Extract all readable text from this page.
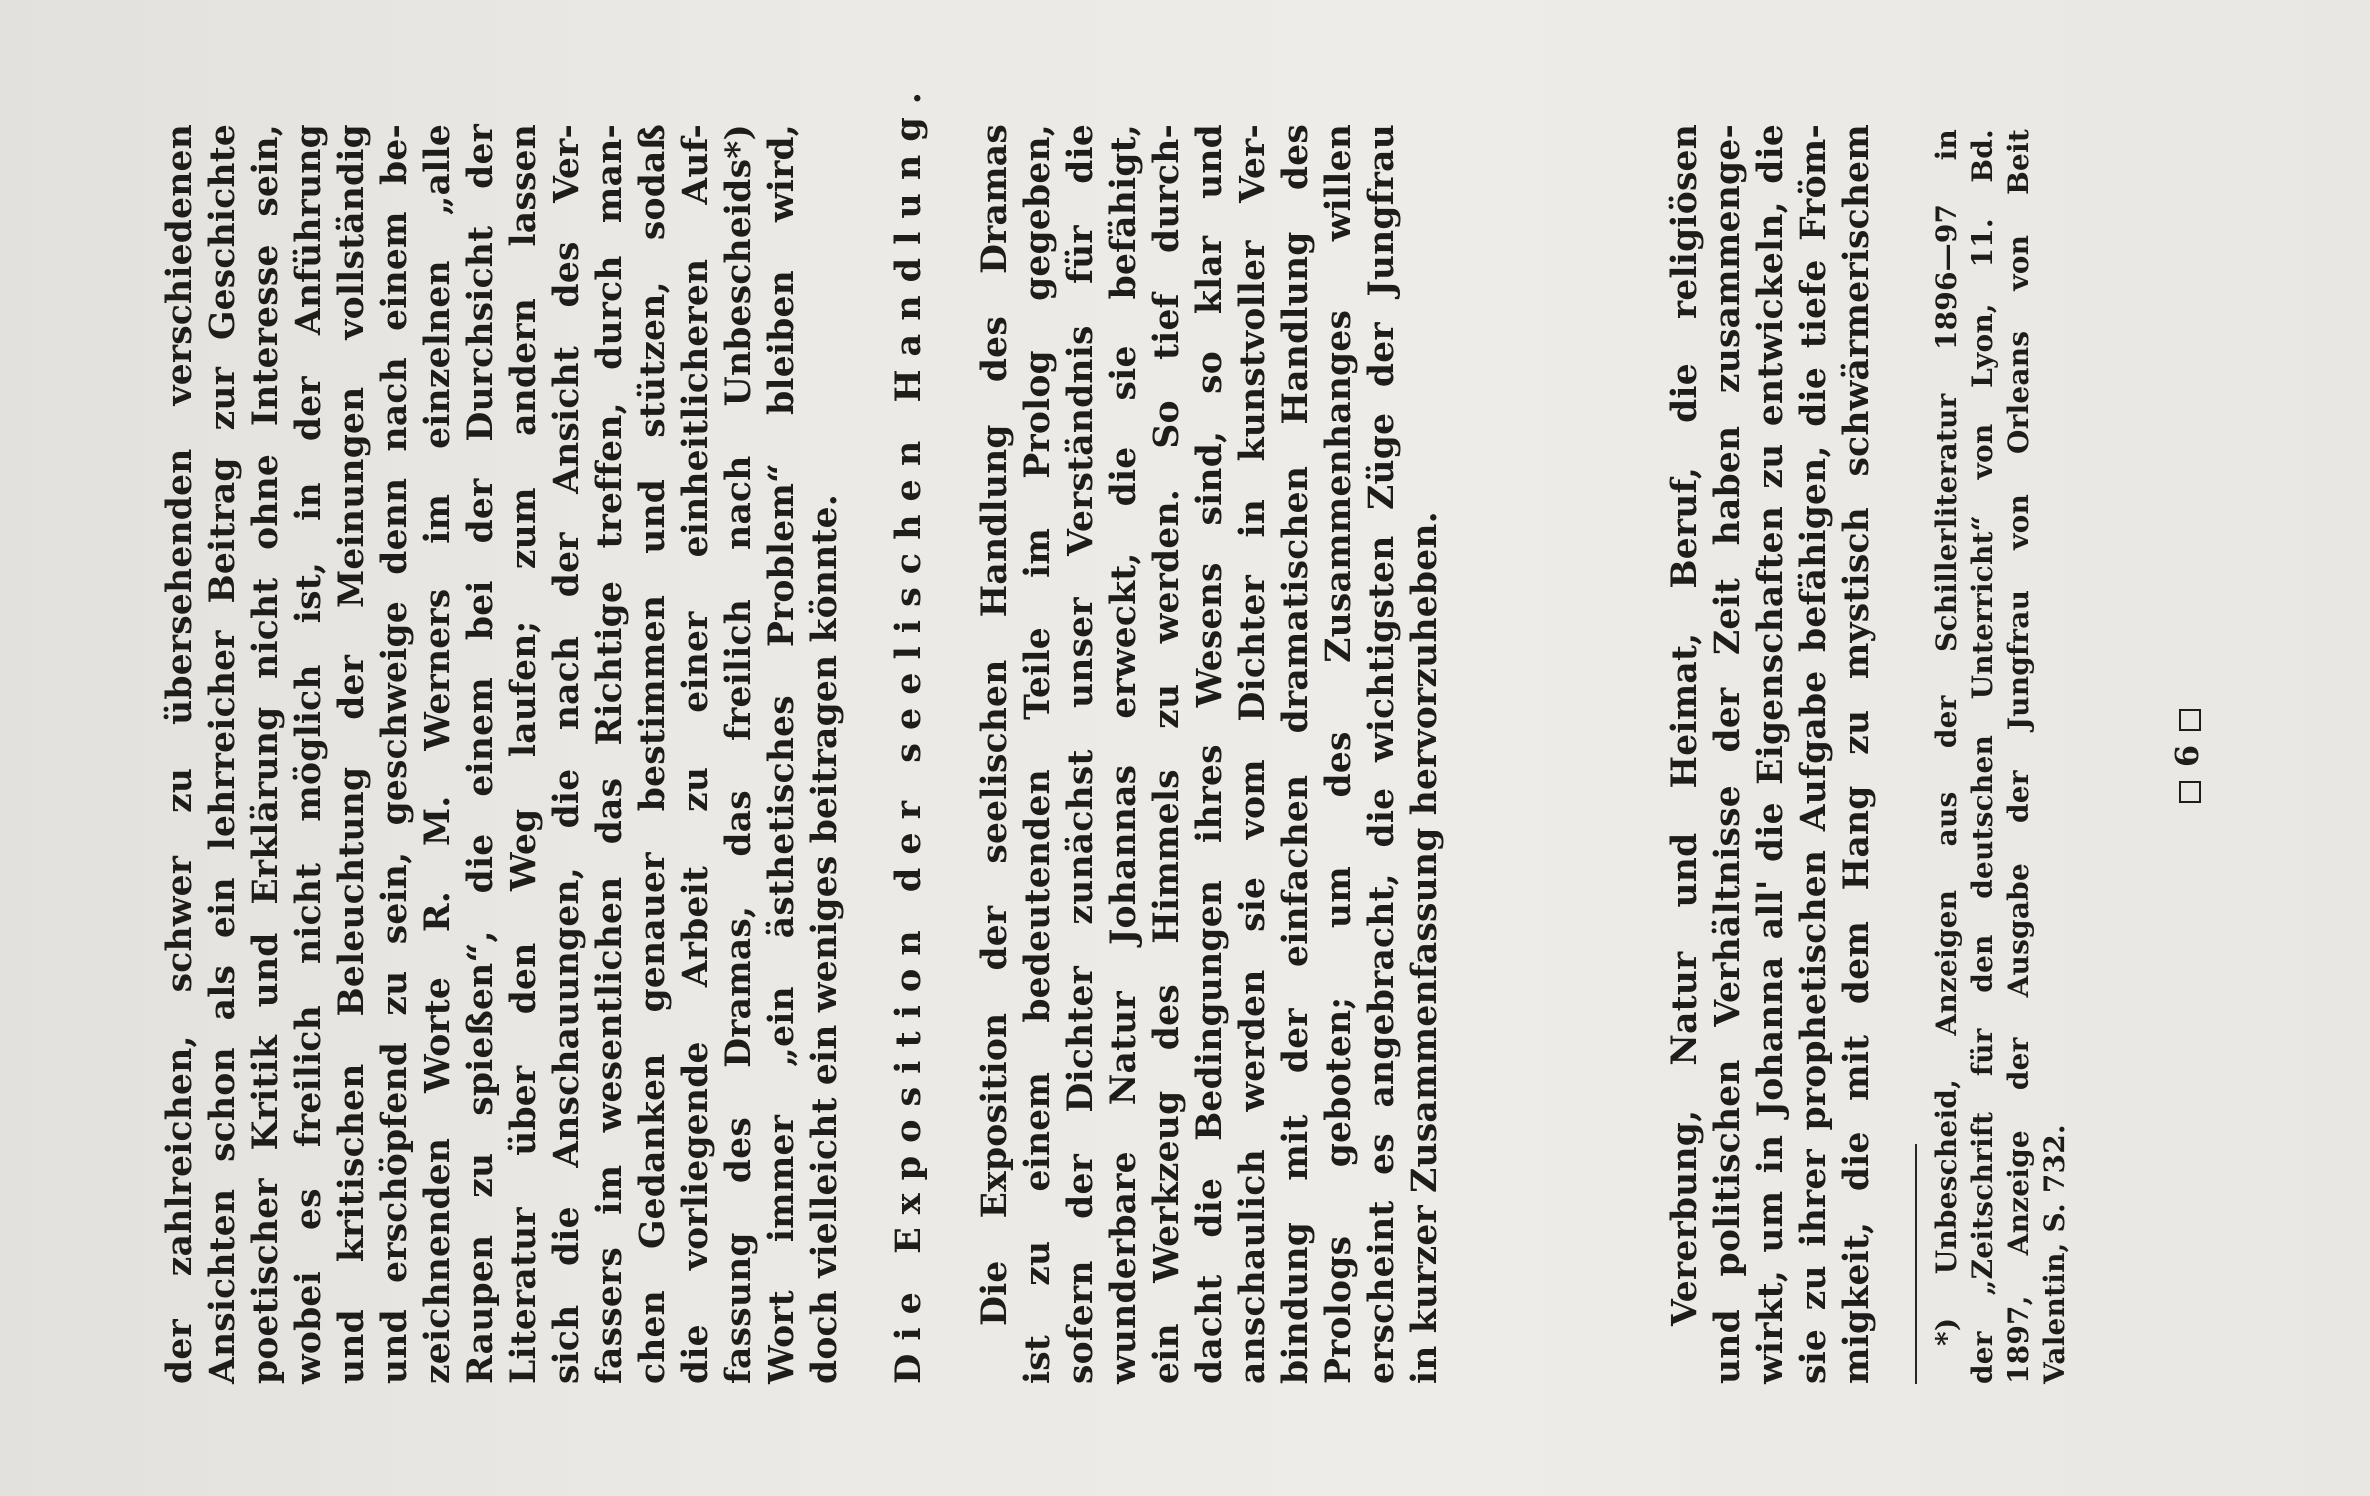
der zahlreichen, schwer zu übersehenden verschiedenen Ansichten schon als ein lehrreicher Beitrag zur Geschichte poetischer Kritik und Erklärung nicht ohne Interesse sein, wobei es freilich nicht möglich ist, in der Anführung und kritischen Beleuchtung der Meinungen vollständig und erschöpfend zu sein, geschweige denn nach einem be- zeichnenden Worte R. M. Werners im einzelnen „alle Raupen zu spießen“, die einem bei der Durchsicht der Literatur über den Weg laufen; zum andern lassen sich die Anschauungen, die nach der Ansicht des Ver- fassers im wesentlichen das Richtige treffen, durch man- chen Gedanken genauer bestimmen und stützen, sodaß die vorliegende Arbeit zu einer einheitlicheren Auf- fassung des Dramas, das freilich nach Unbescheids*) Wort immer „ein ästhetisches Problem“ bleiben wird, doch vielleicht ein weniges beitragen könnte. Die Exposition der seelischen Handlung. Die Exposition der seelischen Handlung des Dramas ist zu einem bedeutenden Teile im Prolog gegeben, sofern der Dichter zunächst unser Verständnis für die wunderbare Natur Johannas erweckt, die sie befähigt, ein Werkzeug des Himmels zu werden. So tief durch- dacht die Bedingungen ihres Wesens sind, so klar und anschaulich werden sie vom Dichter in kunstvoller Ver- bindung mit der einfachen dramatischen Handlung des Prologs geboten; um des Zusammenhanges willen erscheint es angebracht, die wichtigsten Züge der Jungfrau in kurzer Zusammenfassung hervorzuheben.	Vererbung, Natur und Heimat, Beruf, die religiösen und politischen Verhältnisse der Zeit haben zusammenge- wirkt, um in Johanna all' die Eigenschaften zu entwickeln, die sie zu ihrer prophetischen Aufgabe befähigen, die tiefe Fröm- migkeit, die mit dem Hang zu mystisch schwärmerischem *) Unbescheid, Anzeigen aus der Schillerliteratur 1896—97 in der „Zeitschrift für den deutschen Unterricht“ von Lyon, 11. Bd. 1897, Anzeige der Ausgabe der Jungfrau von Orleans von Beit Valentin, S. 732.
6
